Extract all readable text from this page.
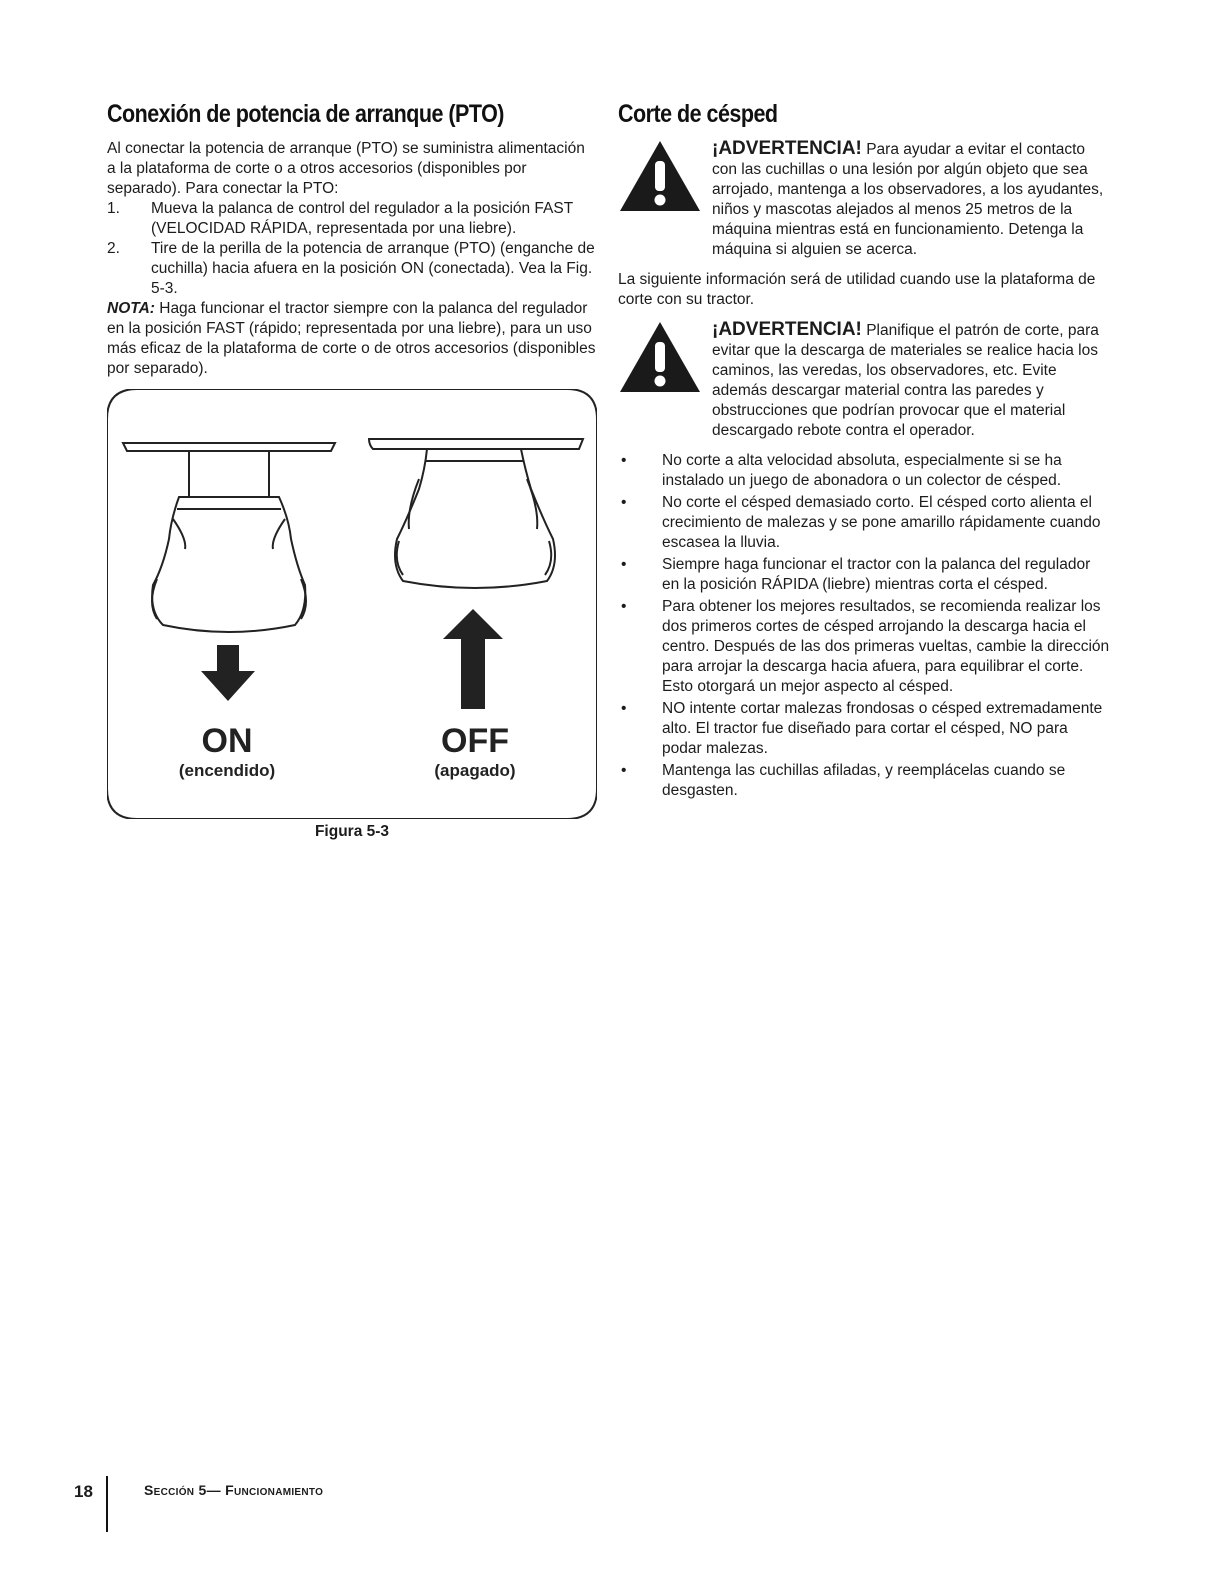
Conexión de potencia de arranque (PTO)

Al conectar la potencia de arranque (PTO) se suministra alimentación a la plataforma de corte o a otros accesorios (disponibles por separado). Para conectar la PTO:

1. Mueva la palanca de control del regulador a la posición FAST (VELOCIDAD RÁPIDA, representada por una liebre).
2. Tire de la perilla de la potencia de arranque (PTO) (enganche de cuchilla) hacia afuera en la posición ON (conectada). Vea la Fig. 5-3.

NOTA: Haga funcionar el tractor siempre con la palanca del regulador en la posición FAST (rápido; representada por una liebre), para un uso más eficaz de la plataforma de corte o de otros accesorios (disponibles por separado).

ON
(encendido)
OFF
(apagado)
Figura 5-3
Corte de césped

¡ADVERTENCIA! Para ayudar a evitar el contacto con las cuchillas o una lesión por algún objeto que sea arrojado, mantenga a los observadores, a los ayudantes, niños y mascotas alejados al menos 25 metros de la máquina mientras está en funcionamiento. Detenga la máquina si alguien se acerca.

La siguiente información será de utilidad cuando use la plataforma de corte con su tractor.

¡ADVERTENCIA! Planifique el patrón de corte, para evitar que la descarga de materiales se realice hacia los caminos, las veredas, los observadores, etc. Evite además descargar material contra las paredes y obstrucciones que podrían provocar que el material descargado rebote contra el operador.

• No corte a alta velocidad absoluta, especialmente si se ha instalado un juego de abonadora o un colector de césped.
• No corte el césped demasiado corto. El césped corto alienta el crecimiento de malezas y se pone amarillo rápidamente cuando escasea la lluvia.
• Siempre haga funcionar el tractor con la palanca del regulador en la posición RÁPIDA (liebre) mientras corta el césped.
• Para obtener los mejores resultados, se recomienda realizar los dos primeros cortes de césped arrojando la descarga hacia el centro. Después de las dos primeras vueltas, cambie la dirección para arrojar la descarga hacia afuera, para equilibrar el corte. Esto otorgará un mejor aspecto al césped.
• NO intente cortar malezas frondosas o césped extremadamente alto. El tractor fue diseñado para cortar el césped, NO para podar malezas.
• Mantenga las cuchillas afiladas, y reemplácelas cuando se desgasten.
18	Sección 5— Funcionamiento
